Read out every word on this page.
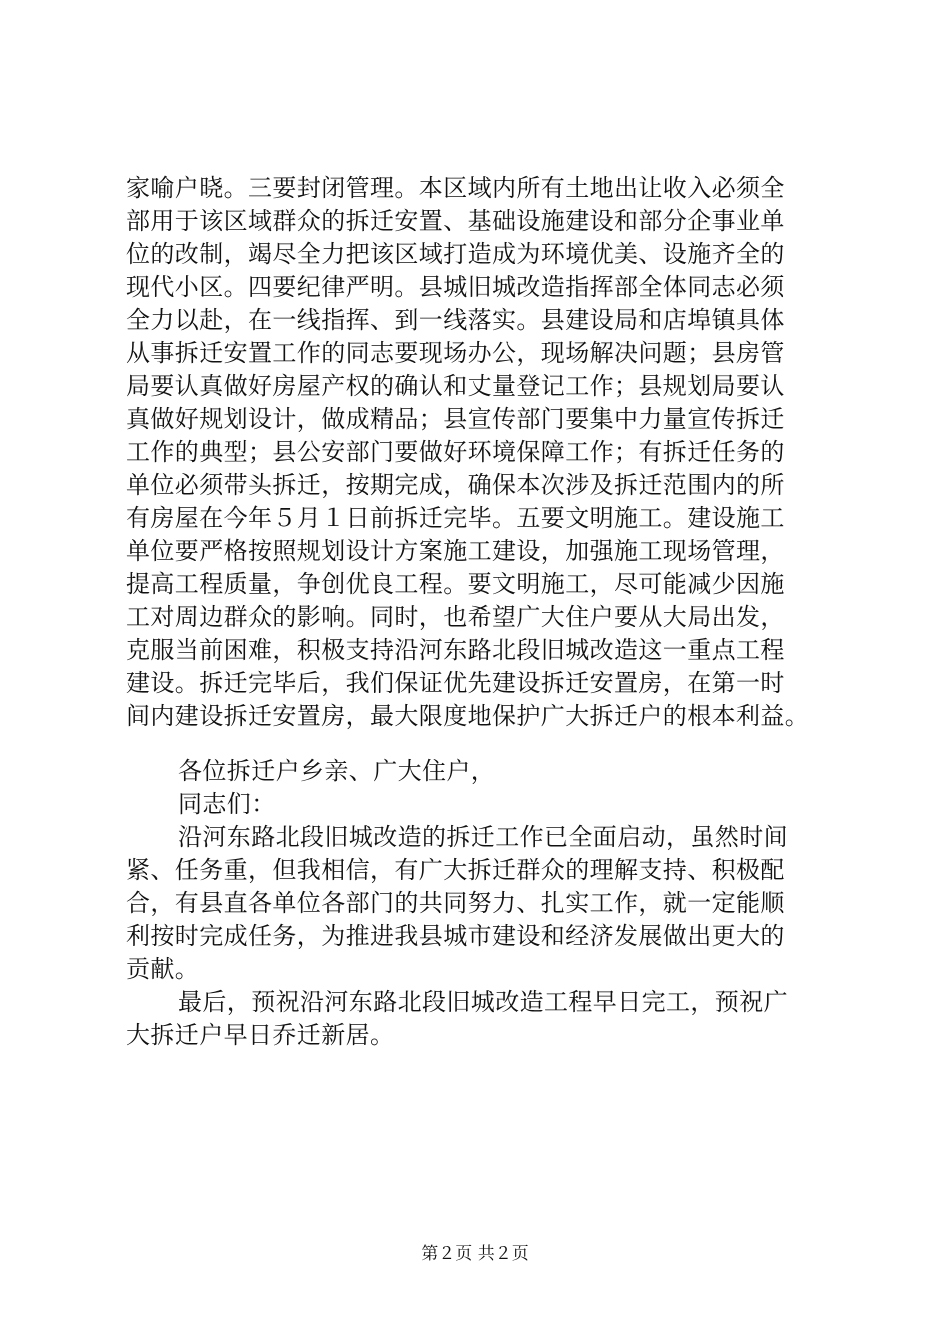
家喻户晓。三要封闭管理。本区域内所有土地出让收入必须全
部用于该区域群众的拆迁安置、基础设施建设和部分企事业单
位的改制，竭尽全力把该区域打造成为环境优美、设施齐全的
现代小区。四要纪律严明。县城旧城改造指挥部全体同志必须
全力以赴，在一线指挥、到一线落实。县建设局和店埠镇具体
从事拆迁安置工作的同志要现场办公，现场解决问题；县房管
局要认真做好房屋产权的确认和丈量登记工作；县规划局要认
真做好规划设计，做成精品；县宣传部门要集中力量宣传拆迁
工作的典型；县公安部门要做好环境保障工作；有拆迁任务的
单位必须带头拆迁，按期完成，确保本次涉及拆迁范围内的所
有房屋在今年５月１日前拆迁完毕。五要文明施工。建设施工
单位要严格按照规划设计方案施工建设，加强施工现场管理，
提高工程质量，争创优良工程。要文明施工，尽可能减少因施
工对周边群众的影响。同时，也希望广大住户要从大局出发，
克服当前困难，积极支持沿河东路北段旧城改造这一重点工程
建设。拆迁完毕后，我们保证优先建设拆迁安置房，在第一时
间内建设拆迁安置房，最大限度地保护广大拆迁户的根本利益。
各位拆迁户乡亲、广大住户，
同志们：
沿河东路北段旧城改造的拆迁工作已全面启动，虽然时间
紧、任务重，但我相信，有广大拆迁群众的理解支持、积极配
合，有县直各单位各部门的共同努力、扎实工作，就一定能顺
利按时完成任务，为推进我县城市建设和经济发展做出更大的
贡献。
最后，预祝沿河东路北段旧城改造工程早日完工，预祝广
大拆迁户早日乔迁新居。
第２页 共２页
